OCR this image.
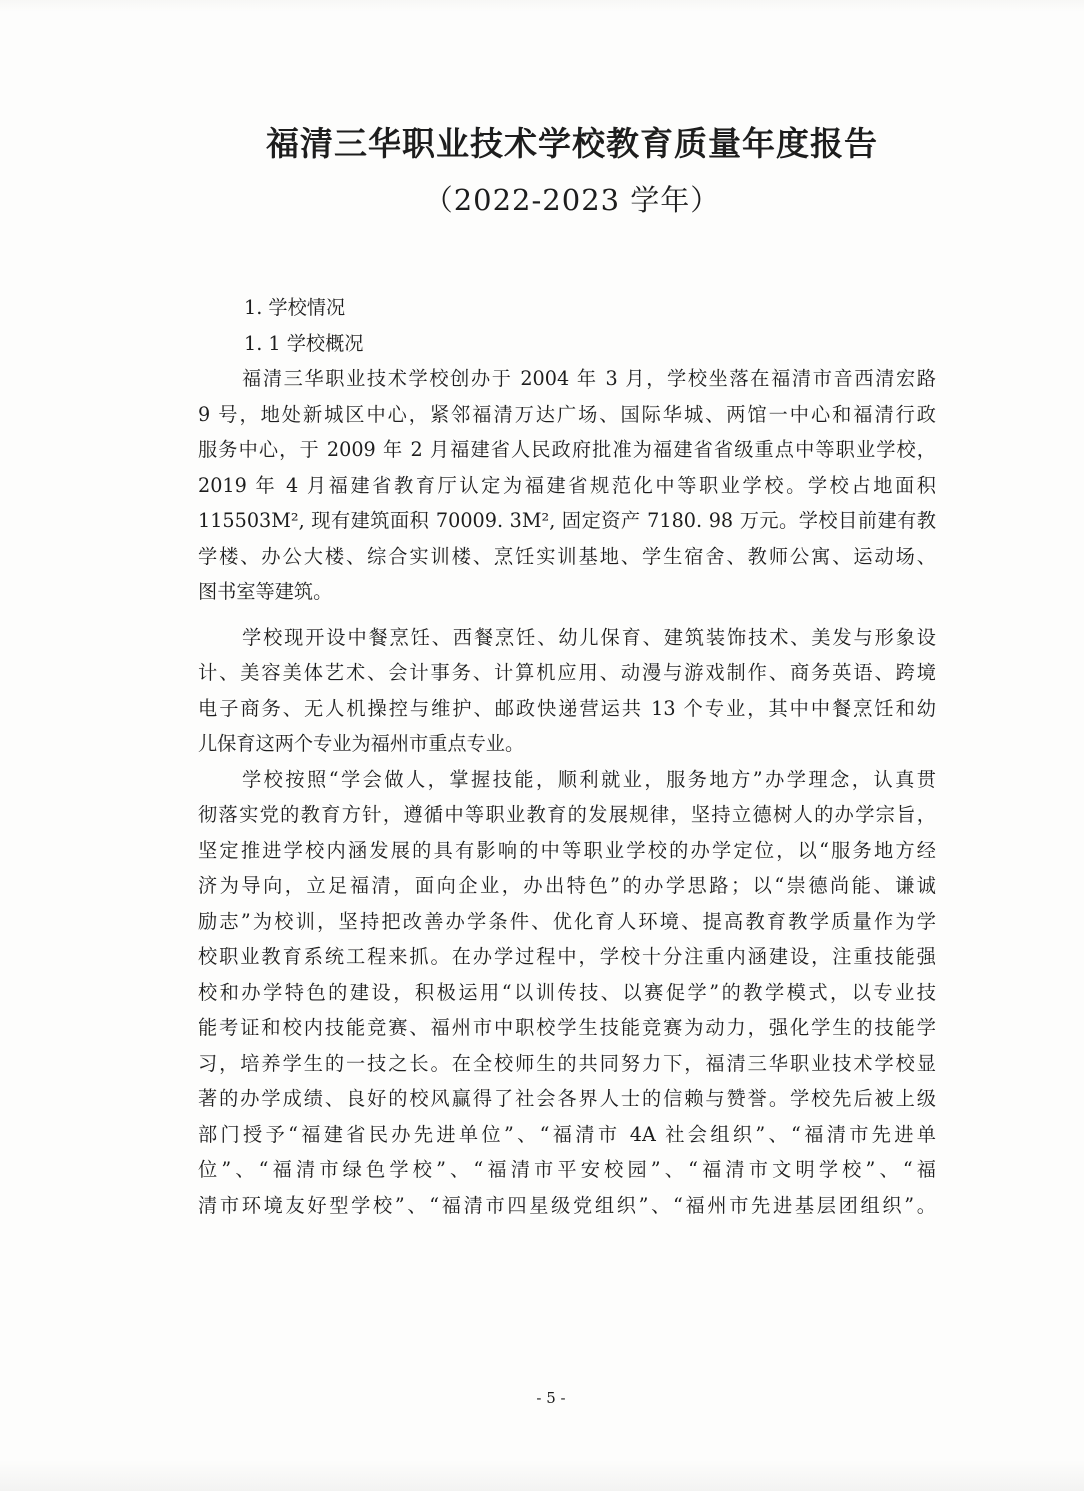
福清三华职业技术学校教育质量年度报告
（2022-2023 学年）
1. 学校情况
1. 1 学校概况
福清三华职业技术学校创办于 2004 年 3 月，学校坐落在福清市音西清宏路
9 号，地处新城区中心，紧邻福清万达广场、国际华城、两馆一中心和福清行政
服务中心，于 2009 年 2 月福建省人民政府批准为福建省省级重点中等职业学校，
2019 年 4 月福建省教育厅认定为福建省规范化中等职业学校。学校占地面积
115503M², 现有建筑面积 70009. 3M², 固定资产 7180. 98 万元。学校目前建有教
学楼、办公大楼、综合实训楼、烹饪实训基地、学生宿舍、教师公寓、运动场、
图书室等建筑。
学校现开设中餐烹饪、西餐烹饪、幼儿保育、建筑装饰技术、美发与形象设
计、美容美体艺术、会计事务、计算机应用、动漫与游戏制作、商务英语、跨境
电子商务、无人机操控与维护、邮政快递营运共 13 个专业，其中中餐烹饪和幼
儿保育这两个专业为福州市重点专业。
学校按照“学会做人，掌握技能，顺利就业，服务地方”办学理念，认真贯
彻落实党的教育方针，遵循中等职业教育的发展规律，坚持立德树人的办学宗旨，
坚定推进学校内涵发展的具有影响的中等职业学校的办学定位，以“服务地方经
济为导向，立足福清，面向企业，办出特色”的办学思路；以“崇德尚能、谦诚
励志”为校训，坚持把改善办学条件、优化育人环境、提高教育教学质量作为学
校职业教育系统工程来抓。在办学过程中，学校十分注重内涵建设，注重技能强
校和办学特色的建设，积极运用“以训传技、以赛促学”的教学模式，以专业技
能考证和校内技能竞赛、福州市中职校学生技能竞赛为动力，强化学生的技能学
习，培养学生的一技之长。在全校师生的共同努力下，福清三华职业技术学校显
著的办学成绩、良好的校风赢得了社会各界人士的信赖与赞誉。学校先后被上级
部门授予“福建省民办先进单位”、“福清市 4A 社会组织”、“福清市先进单
位”、“福清市绿色学校”、“福清市平安校园”、“福清市文明学校”、“福
清市环境友好型学校”、“福清市四星级党组织”、“福州市先进基层团组织”。
- 5 -
